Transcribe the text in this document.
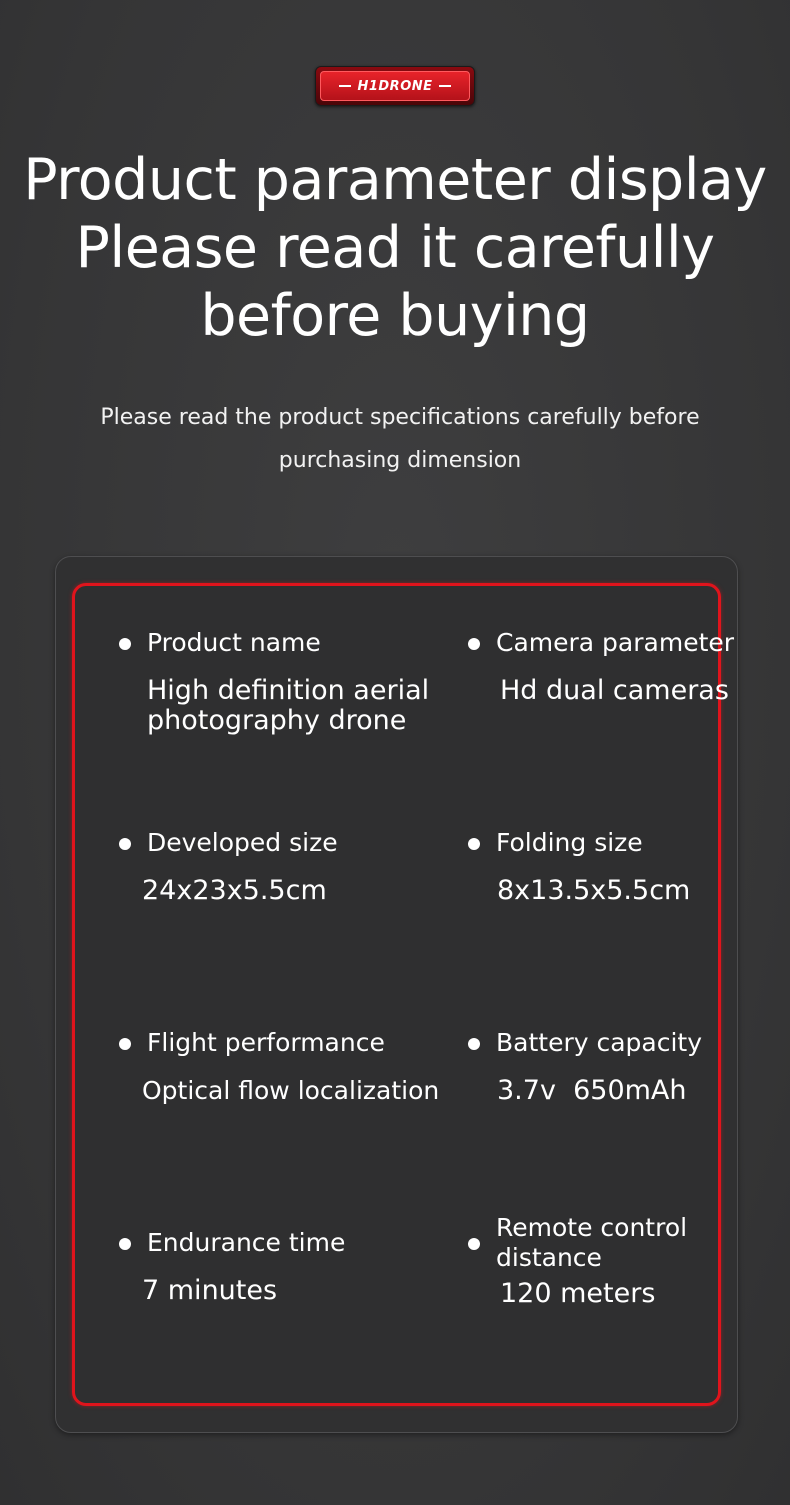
H1DRONE
Product parameter display
Please read it carefully
before buying

Please read the product specifications carefully before
purchasing dimension

Product name
High definition aerial photography drone
Camera parameter
Hd dual cameras
Developed size
24x23x5.5cm
Folding size
8x13.5x5.5cm
Flight performance
Optical flow localization
Battery capacity
3.7v  650mAh
Endurance time
7 minutes
Remote control distance
120 meters
